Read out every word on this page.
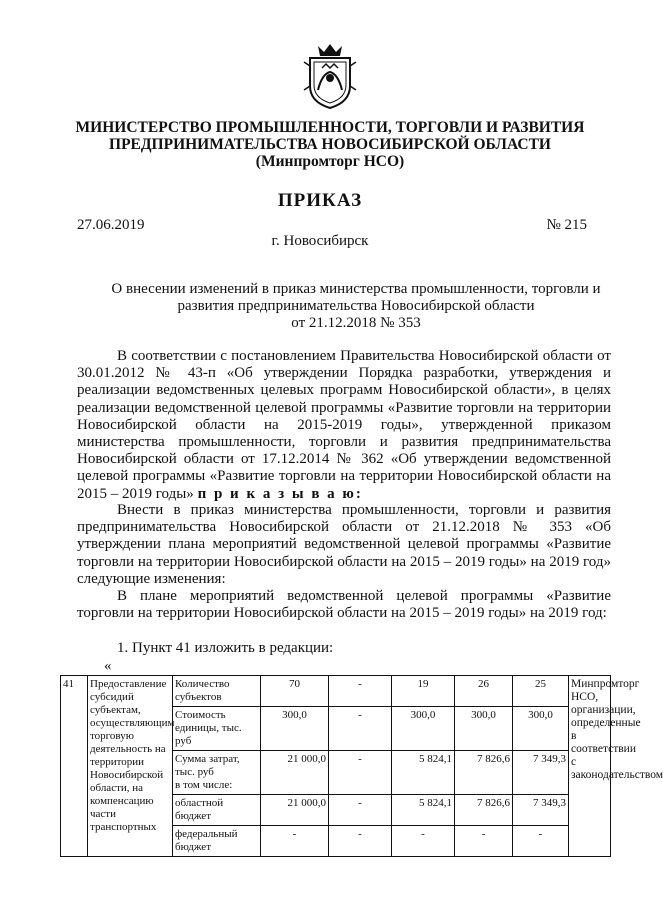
МИНИСТЕРСТВО ПРОМЫШЛЕННОСТИ, ТОРГОВЛИ И РАЗВИТИЯ
ПРЕДПРИНИМАТЕЛЬСТВА НОВОСИБИРСКОЙ ОБЛАСТИ
(Минпромторг НСО)
ПРИКАЗ
27.06.2019	№ 215
г. Новосибирск
О внесении изменений в приказ министерства промышленности, торговли и
развития предпринимательства Новосибирской области
от 21.12.2018 № 353
В соответствии с постановлением Правительства Новосибирской области от 30.01.2012 № 43-п «Об утверждении Порядка разработки, утверждения и реализации ведомственных целевых программ Новосибирской области», в целях реализации ведомственной целевой программы «Развитие торговли на территории Новосибирской области на 2015-2019 годы», утвержденной приказом министерства промышленности, торговли и развития предпринимательства Новосибирской области от 17.12.2014 № 362 «Об утверждении ведомственной целевой программы «Развитие торговли на территории Новосибирской области на 2015 – 2019 годы» п р и к а з ы в а ю:
Внести в приказ министерства промышленности, торговли и развития предпринимательства Новосибирской области от 21.12.2018 № 353 «Об утверждении плана мероприятий ведомственной целевой программы «Развитие торговли на территории Новосибирской области на 2015 – 2019 годы» на 2019 год» следующие изменения:
В плане мероприятий ведомственной целевой программы «Развитие торговли на территории Новосибирской области на 2015 – 2019 годы» на 2019 год:
1. Пункт 41 изложить в редакции:
«
41	Предоставление субсидий субъектам, осуществляющим торговую деятельность на территории Новосибирской области, на компенсацию части транспортных	Количество субъектов	70	-	19	26	25	Минпромторг НСО, организации, определенные в соответствии с законодательством
		Стоимость единицы, тыс. руб	300,0	-	300,0	300,0	300,0	

		Сумма затрат, тыс. руб
в том числе:	21 000,0	-	5 824,1	7 826,6	7 349,3	
		областной бюджет	21 000,0	-	5 824,1	7 826,6	7 349,3	
		федеральный бюджет	-	-	-	-	-	
